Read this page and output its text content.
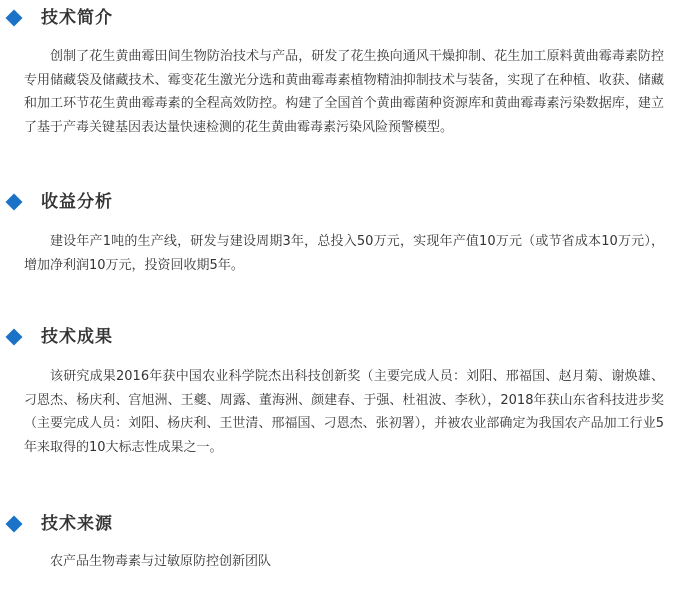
技术简介
创制了花生黄曲霉田间生物防治技术与产品，研发了花生换向通风干燥抑制、花生加工原料黄曲霉毒素防控专用储藏袋及储藏技术、霉变花生激光分选和黄曲霉毒素植物精油抑制技术与装备，实现了在种植、收获、储藏和加工环节花生黄曲霉毒素的全程高效防控。构建了全国首个黄曲霉菌种资源库和黄曲霉毒素污染数据库，建立了基于产毒关键基因表达量快速检测的花生黄曲霉毒素污染风险预警模型。
收益分析
建设年产1吨的生产线，研发与建设周期3年，总投入50万元，实现年产值10万元（或节省成本10万元），增加净利润10万元，投资回收期5年。
技术成果
该研究成果2016年获中国农业科学院杰出科技创新奖（主要完成人员：刘阳、邢福国、赵月菊、谢焕雄、刁恩杰、杨庆利、宫旭洲、王夔、周露、董海洲、颜建春、于强、杜祖波、李秋），2018年获山东省科技进步奖（主要完成人员：刘阳、杨庆利、王世清、邢福国、刁恩杰、张初署），并被农业部确定为我国农产品加工行业5年来取得的10大标志性成果之一。
技术来源
农产品生物毒素与过敏原防控创新团队
